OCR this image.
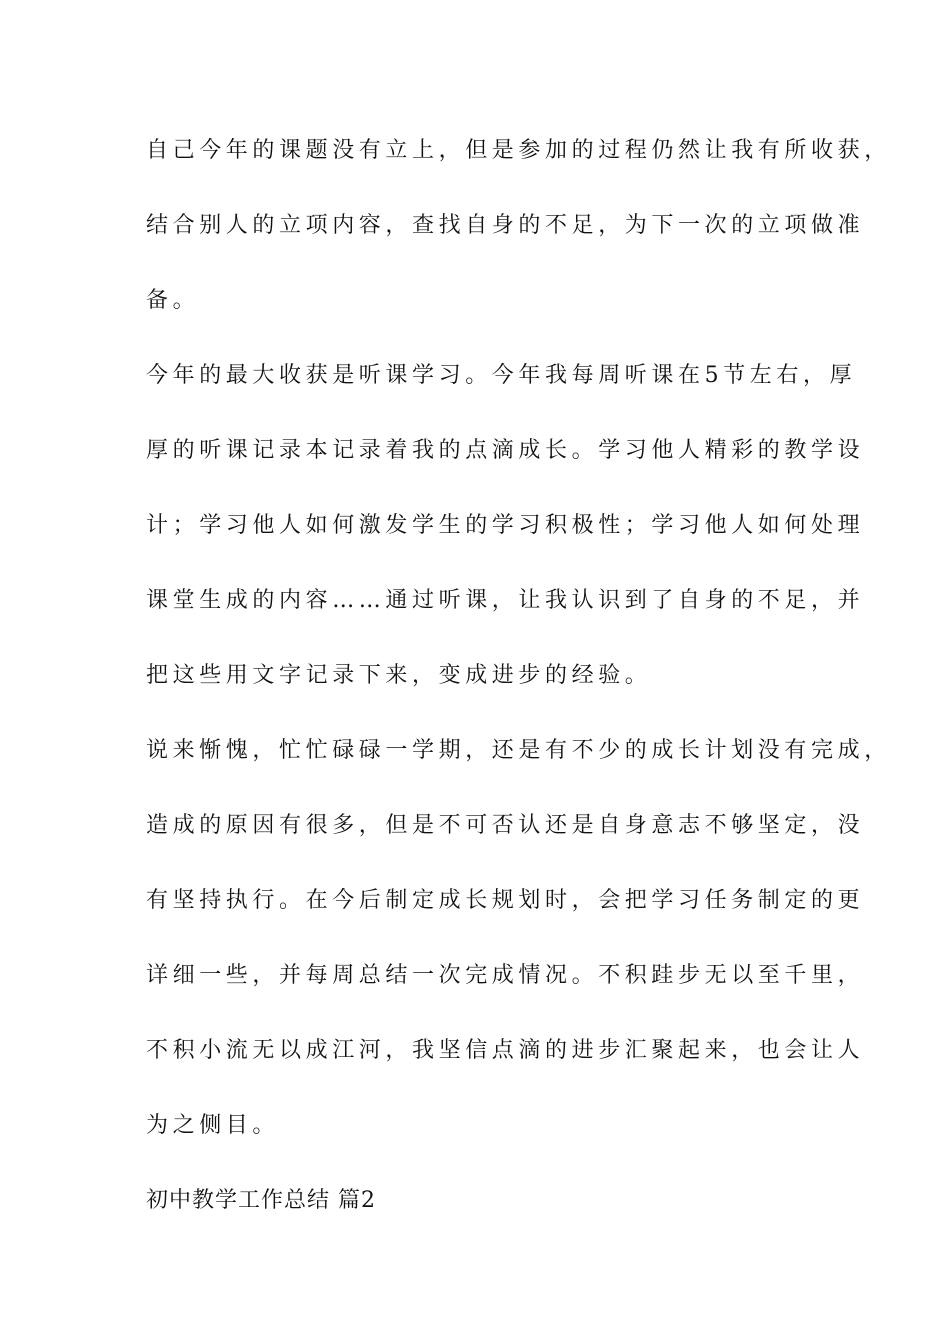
自己今年的课题没有立上，但是参加的过程仍然让我有所收获，
结合别人的立项内容，查找自身的不足，为下一次的立项做准
备。
今年的最大收获是听课学习。今年我每周听课在5节左右，厚
厚的听课记录本记录着我的点滴成长。学习他人精彩的教学设
计；学习他人如何激发学生的学习积极性；学习他人如何处理
课堂生成的内容……通过听课，让我认识到了自身的不足，并
把这些用文字记录下来，变成进步的经验。
说来惭愧，忙忙碌碌一学期，还是有不少的成长计划没有完成，
造成的原因有很多，但是不可否认还是自身意志不够坚定，没
有坚持执行。在今后制定成长规划时，会把学习任务制定的更
详细一些，并每周总结一次完成情况。不积跬步无以至千里，
不积小流无以成江河，我坚信点滴的进步汇聚起来，也会让人
为之侧目。
初中教学工作总结 篇2
